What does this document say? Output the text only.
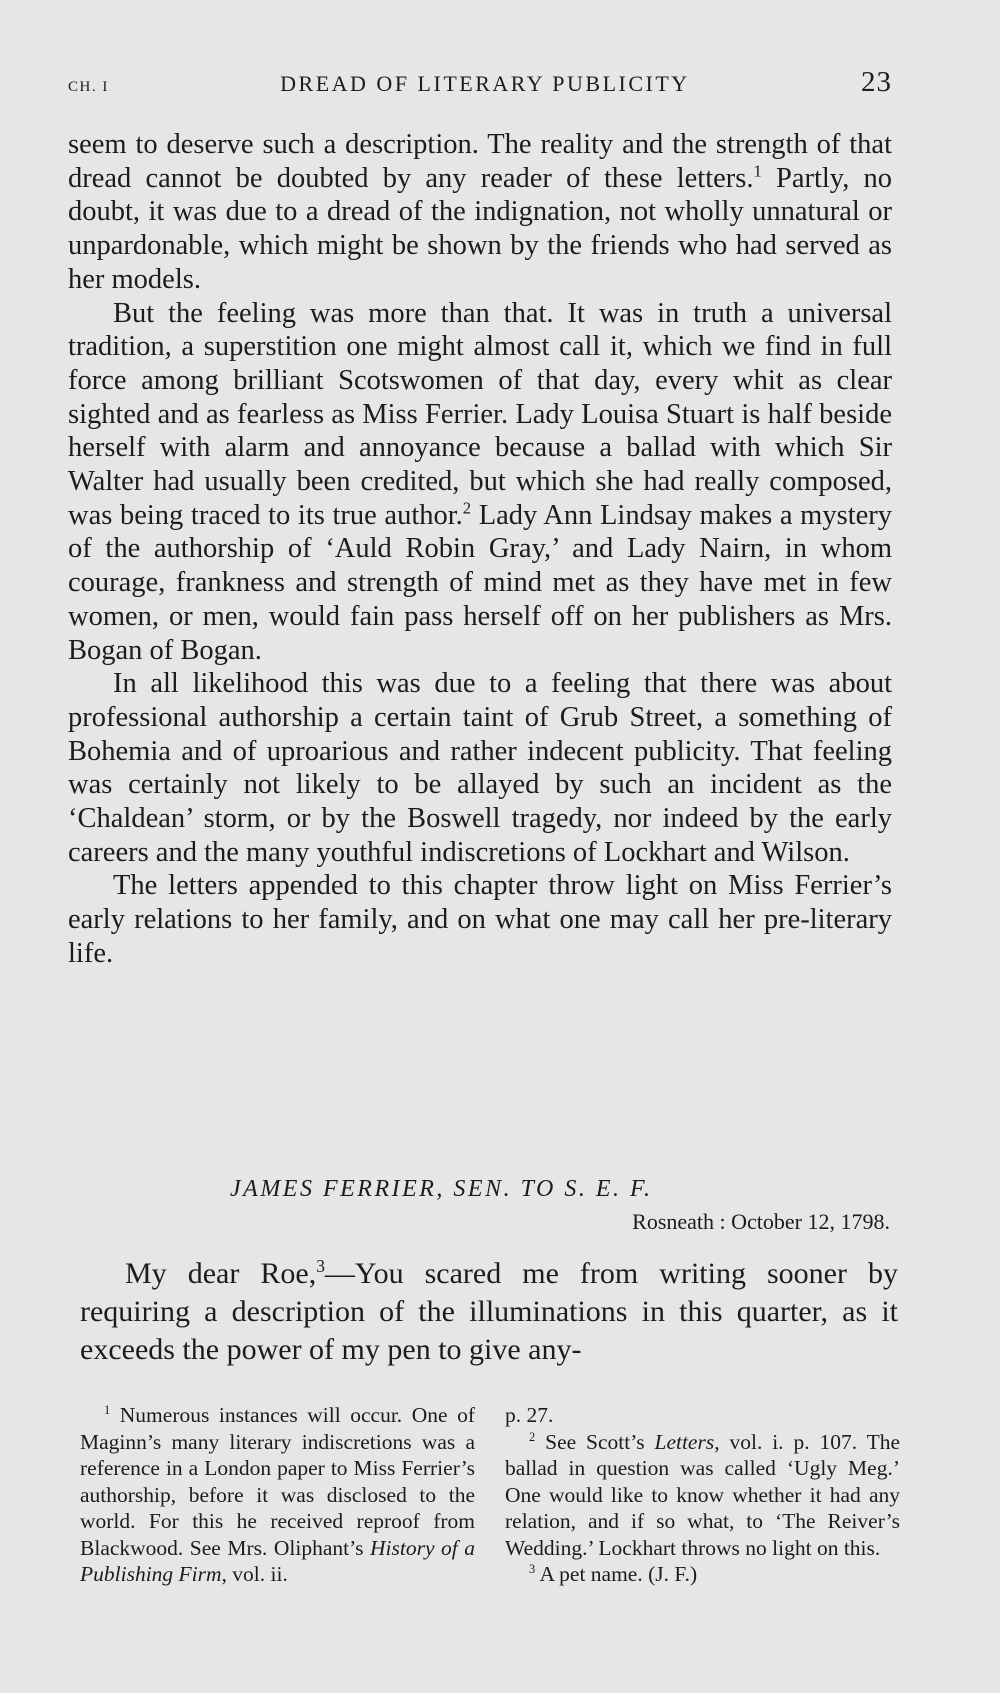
CH. I	DREAD OF LITERARY PUBLICITY	23

seem to deserve such a description. The reality and the strength of that dread cannot be doubted by any reader of these letters.$^1$ Partly, no doubt, it was due to a dread of the indignation, not wholly unnatural or unpardonable, which might be shown by the friends who had served as her models.

But the feeling was more than that. It was in truth a universal tradition, a superstition one might almost call it, which we find in full force among brilliant Scotswomen of that day, every whit as clear sighted and as fearless as Miss Ferrier. Lady Louisa Stuart is half beside herself with alarm and annoyance because a ballad with which Sir Walter had usually been credited, but which she had really composed, was being traced to its true author.$^2$ Lady Ann Lindsay makes a mystery of the authorship of ‘Auld Robin Gray,’ and Lady Nairn, in whom courage, frankness and strength of mind met as they have met in few women, or men, would fain pass herself off on her publishers as Mrs. Bogan of Bogan.

In all likelihood this was due to a feeling that there was about professional authorship a certain taint of Grub Street, a something of Bohemia and of uproarious and rather indecent publicity. That feeling was certainly not likely to be allayed by such an incident as the ‘Chaldean’ storm, or by the Boswell tragedy, nor indeed by the early careers and the many youthful indiscretions of Lockhart and Wilson.

The letters appended to this chapter throw light on Miss Ferrier’s early relations to her family, and on what one may call her pre-literary life.

JAMES FERRIER, SEN. TO S. E. F.
Rosneath : October 12, 1798.

My dear Roe,$^3$—You scared me from writing sooner by requiring a description of the illuminations in this quarter, as it exceeds the power of my pen to give any-

$^1$ Numerous instances will occur. One of Maginn’s many literary indiscretions was a reference in a London paper to Miss Ferrier’s authorship, before it was disclosed to the world. For this he received reproof from Blackwood. See Mrs. Oliphant’s History of a Publishing Firm, vol. ii.

p. 27.

$^2$ See Scott’s Letters, vol. i. p. 107. The ballad in question was called ‘Ugly Meg.’ One would like to know whether it had any relation, and if so what, to ‘The Reiver’s Wedding.’ Lockhart throws no light on this.

$^3$ A pet name. (J. F.)
